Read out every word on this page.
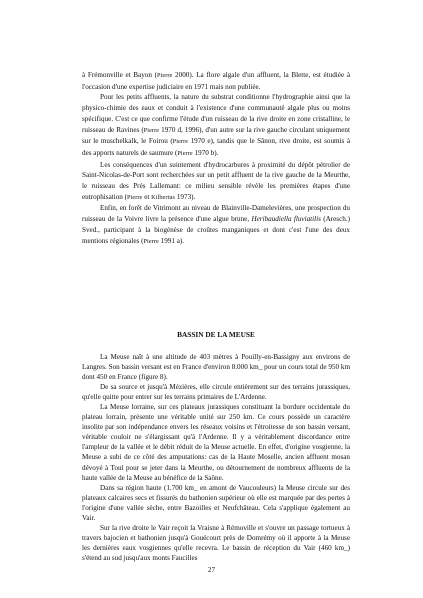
à Frémonville et Bayon (Pierre 2000). La flore algale d'un affluent, la Blette, est étudiée à l'occasion d'une expertise judiciaire en 1971 mais non publiée.

Pour les petits affluents, la nature du substrat conditionne l'hydrographie ainsi que la physico-chimie des eaux et conduit à l'existence d'une communauté algale plus ou moins spécifique. C'est ce que confirme l'étude d'un ruisseau de la rive droite en zone cristalline, le ruisseau de Ravines (Pierre 1970 d, 1996), d'un autre sur la rive gauche circulant uniquement sur le muschelkalk, le Foirou (Pierre 1970 e), tandis que le Sânon, rive droite, est soumis à des apports naturels de saumure (Pierre 1970 b).

Les conséquences d'un suintement d'hydrocarbures à proximité du dépôt pétrolier de Saint-Nicolas-de-Port sont recherchées sur un petit affluent de la rive gauche de la Meurthe, le ruisseau des Prés Lallemant: ce milieu sensible révèle les premières étapes d'une eutrophisation (Pierre et Kilbertus 1973).

Enfin, en forêt de Vitrimont au niveau de Blainville-Damelevières, une prospection du ruisseau de la Voivre livre la présence d'une algue brune, Heribaudiella fluviatilis (Aresch.) Sved., participant à la biogénèse de croûtes manganiques et dont c'est l'une des deux mentions régionales (Pierre 1991 a).

BASSIN DE LA MEUSE

La Meuse naît à une altitude de 403 mètres à Pouilly-en-Bassigny aux environs de Langres. Son bassin versant est en France d'environ 8.000 km_ pour un cours total de 950 km dont 450 en France (figure 8).

De sa source et jusqu'à Mézières, elle circule entièrement sur des terrains jurassiques, qu'elle quitte pour entrer sur les terrains primaires de L'Ardenne.

La Meuse lorraine, sur ces plateaux jurassiques constituant la bordure occidentale du plateau lorrain, présente une véritable unité sur 250 km. Ce cours possède un caractère insolite par son indépendance envers les réseaux voisins et l'étroitesse de son bassin versant, véritable couloir ne s'élargissant qu'à l'Ardenne. Il y a véritablement discordance entre l'ampleur de la vallée et le débit réduit de la Meuse actuelle. En effet, d'origine vosgienne, la Meuse a subi de ce côté des amputations: cas de la Haute Moselle, ancien affluent mosan dévoyé à Toul pour se jeter dans la Meurthe, ou détournement de nombreux affluents de la haute vallée de la Meuse au bénéfice de la Saône.

Dans sa région haute (1.700 km_ en amont de Vaucouleurs) la Meuse circule sur des plateaux calcaires secs et fissurés du bathonien supérieur où elle est marquée par des pertes à l'origine d'une vallée sèche, entre Bazoilles et Neufchâteau. Cela s'applique également au Vair.

Sur la rive droite le Vair reçoit la Vraisne à Rémoville et s'ouvre un passage tortueux à travers bajocien et bathonien jusqu'à Gouécourt près de Domrémy où il apporte à la Meuse les dernières eaux vosgiennes qu'elle recevra. Le bassin de réception du Vair (460 km_) s'étend au sud jusqu'aux monts Faucilles

27
